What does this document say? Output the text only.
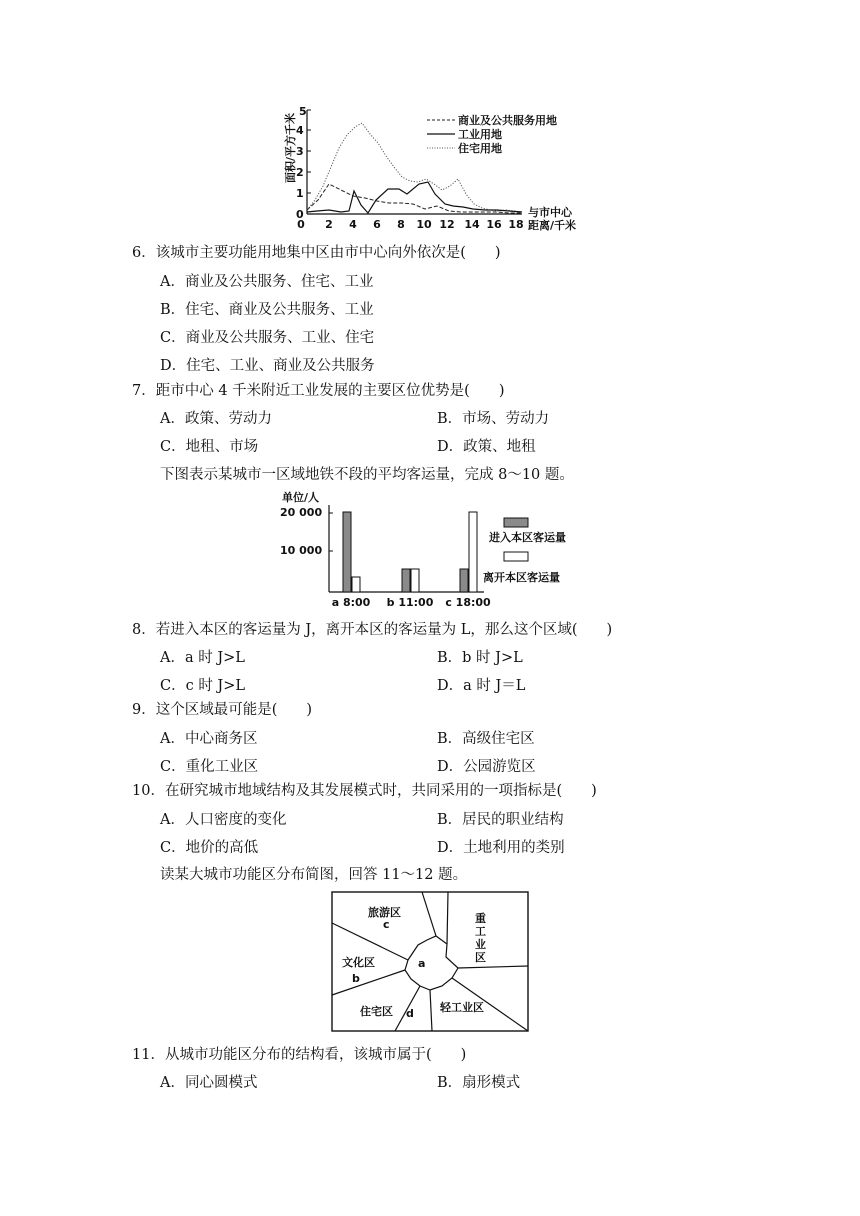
面积/平方千米
0
1
2
3
4
5
0 2 4 6 8 10 12 14 16 18
与市中心
距离/千米
商业及公共服务用地
工业用地
住宅用地
6．该城市主要功能用地集中区由市中心向外依次是(　　)
A．商业及公共服务、住宅、工业
B．住宅、商业及公共服务、工业
C．商业及公共服务、工业、住宅
D．住宅、工业、商业及公共服务
7．距市中心 4 千米附近工业发展的主要区位优势是(　　)
A．政策、劳动力	B．市场、劳动力
C．地租、市场	D．政策、地租
下图表示某城市一区域地铁不段的平均客运量，完成 8～10 题。
单位/人
20 000
10 000
a 8:00 b 11:00 c 18:00
进入本区客运量
离开本区客运量
8．若进入本区的客运量为 J，离开本区的客运量为 L，那么这个区域(　　)
A．a 时 J>L	B．b 时 J>L
C．c 时 J>L	D．a 时 J＝L
9．这个区域最可能是(　　)
A．中心商务区	B．高级住宅区
C．重化工业区	D．公园游览区
10．在研究城市地域结构及其发展模式时，共同采用的一项指标是(　　)
A．人口密度的变化	B．居民的职业结构
C．地价的高低	D．土地利用的类别
读某大城市功能区分布简图，回答 11～12 题。
旅游区
c	重
工
业
区
文化区
b
a
住宅区 d 轻工业区
11．从城市功能区分布的结构看，该城市属于(　　)
A．同心圆模式	B．扇形模式
